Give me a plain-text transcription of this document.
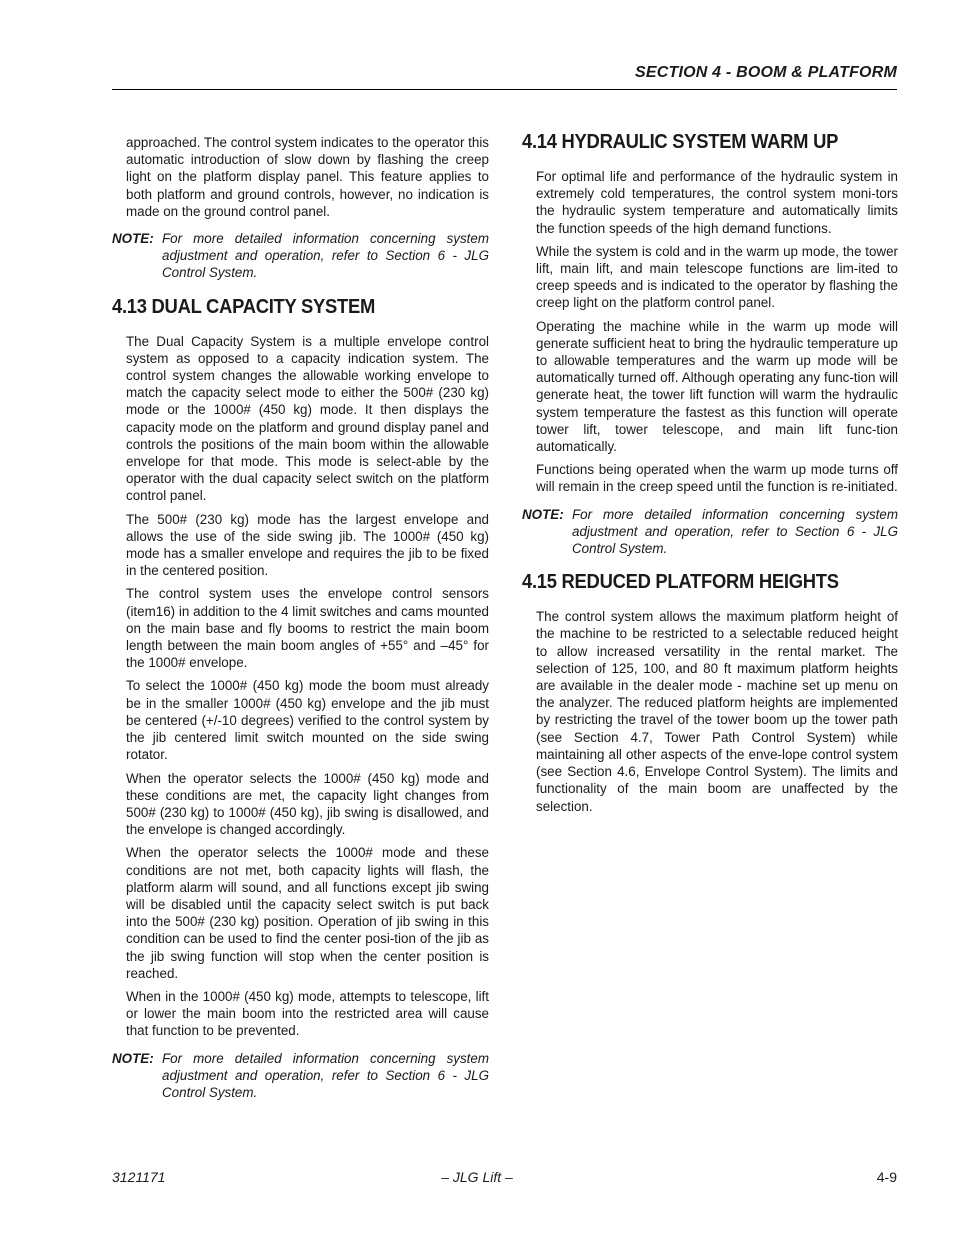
SECTION 4 - BOOM & PLATFORM

approached. The control system indicates to the operator this automatic introduction of slow down by flashing the creep light on the platform display panel. This feature applies to both platform and ground controls, however, no indication is made on the ground control panel.

NOTE: For more detailed information concerning system adjustment and operation, refer to Section 6 - JLG Control System.
4.13 DUAL CAPACITY SYSTEM

The Dual Capacity System is a multiple envelope control system as opposed to a capacity indication system. The control system changes the allowable working envelope to match the capacity select mode to either the 500# (230 kg) mode or the 1000# (450 kg) mode. It then displays the capacity mode on the platform and ground display panel and controls the positions of the main boom within the allowable envelope for that mode. This mode is select-able by the operator with the dual capacity select switch on the platform control panel.

The 500# (230 kg) mode has the largest envelope and allows the use of the side swing jib. The 1000# (450 kg) mode has a smaller envelope and requires the jib to be fixed in the centered position.

The control system uses the envelope control sensors (item16) in addition to the 4 limit switches and cams mounted on the main base and fly booms to restrict the main boom length between the main boom angles of +55° and –45° for the 1000# envelope.

To select the 1000# (450 kg) mode the boom must already be in the smaller 1000# (450 kg) envelope and the jib must be centered (+/-10 degrees) verified to the control system by the jib centered limit switch mounted on the side swing rotator.

When the operator selects the 1000# (450 kg) mode and these conditions are met, the capacity light changes from 500# (230 kg) to 1000# (450 kg), jib swing is disallowed, and the envelope is changed accordingly.

When the operator selects the 1000# mode and these conditions are not met, both capacity lights will flash, the platform alarm will sound, and all functions except jib swing will be disabled until the capacity select switch is put back into the 500# (230 kg) position. Operation of jib swing in this condition can be used to find the center posi-tion of the jib as the jib swing function will stop when the center position is reached.

When in the 1000# (450 kg) mode, attempts to telescope, lift or lower the main boom into the restricted area will cause that function to be prevented.

NOTE: For more detailed information concerning system adjustment and operation, refer to Section 6 - JLG Control System.
4.14 HYDRAULIC SYSTEM WARM UP

For optimal life and performance of the hydraulic system in extremely cold temperatures, the control system moni-tors the hydraulic system temperature and automatically limits the function speeds of the high demand functions.

While the system is cold and in the warm up mode, the tower lift, main lift, and main telescope functions are lim-ited to creep speeds and is indicated to the operator by flashing the creep light on the platform control panel.

Operating the machine while in the warm up mode will generate sufficient heat to bring the hydraulic temperature up to allowable temperatures and the warm up mode will be automatically turned off. Although operating any func-tion will generate heat, the tower lift function will warm the hydraulic system temperature the fastest as this function will operate tower lift, tower telescope, and main lift func-tion automatically.

Functions being operated when the warm up mode turns off will remain in the creep speed until the function is re-initiated.

NOTE: For more detailed information concerning system adjustment and operation, refer to Section 6 - JLG Control System.
4.15 REDUCED PLATFORM HEIGHTS

The control system allows the maximum platform height of the machine to be restricted to a selectable reduced height to allow increased versatility in the rental market. The selection of 125, 100, and 80 ft maximum platform heights are available in the dealer mode - machine set up menu on the analyzer. The reduced platform heights are implemented by restricting the travel of the tower boom up the tower path (see Section 4.7, Tower Path Control System) while maintaining all other aspects of the enve-lope control system (see Section 4.6, Envelope Control System). The limits and functionality of the main boom are unaffected by the selection.

3121171	– JLG Lift –	4-9
